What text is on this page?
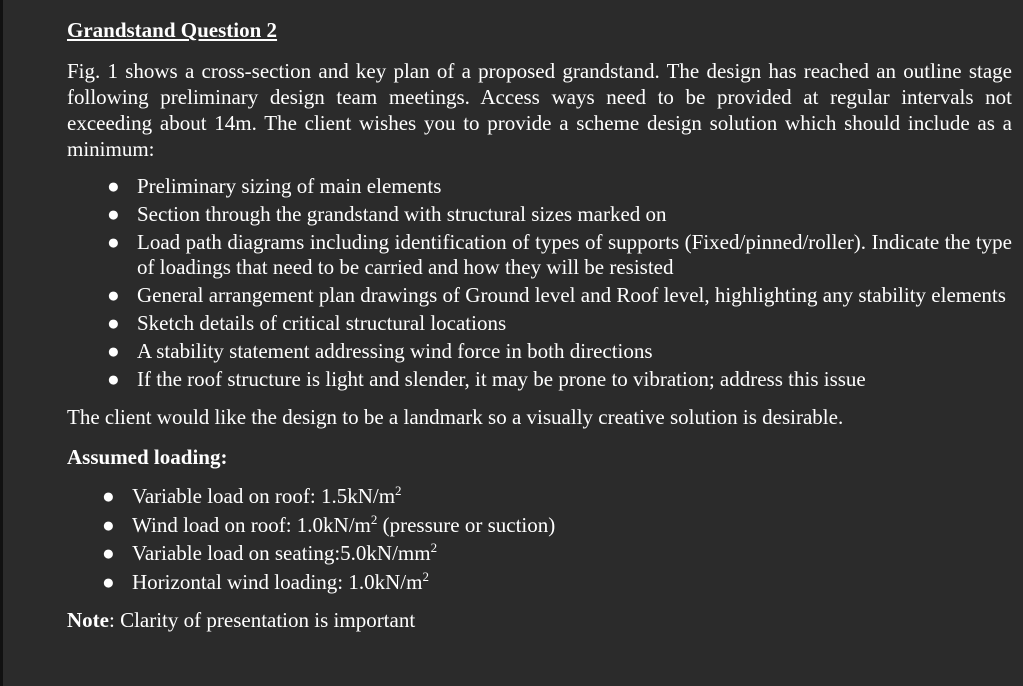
Grandstand Question 2

Fig. 1 shows a cross-section and key plan of a proposed grandstand. The design has reached an outline stage following preliminary design team meetings. Access ways need to be provided at regular intervals not exceeding about 14m. The client wishes you to provide a scheme design solution which should include as a minimum:

● Preliminary sizing of main elements
● Section through the grandstand with structural sizes marked on
● Load path diagrams including identification of types of supports (Fixed/pinned/roller). Indicate the type of loadings that need to be carried and how they will be resisted
● General arrangement plan drawings of Ground level and Roof level, highlighting any stability elements
● Sketch details of critical structural locations
● A stability statement addressing wind force in both directions
● If the roof structure is light and slender, it may be prone to vibration; address this issue

The client would like the design to be a landmark so a visually creative solution is desirable.

Assumed loading:

● Variable load on roof: $1.5kN/m^2$
● Wind load on roof: $1.0kN/m^2$ (pressure or suction)
● Variable load on $seating:5.0kN/mm^2$
● Horizontal wind loading: $1.0kN/m^2$

Note: Clarity of presentation is important
